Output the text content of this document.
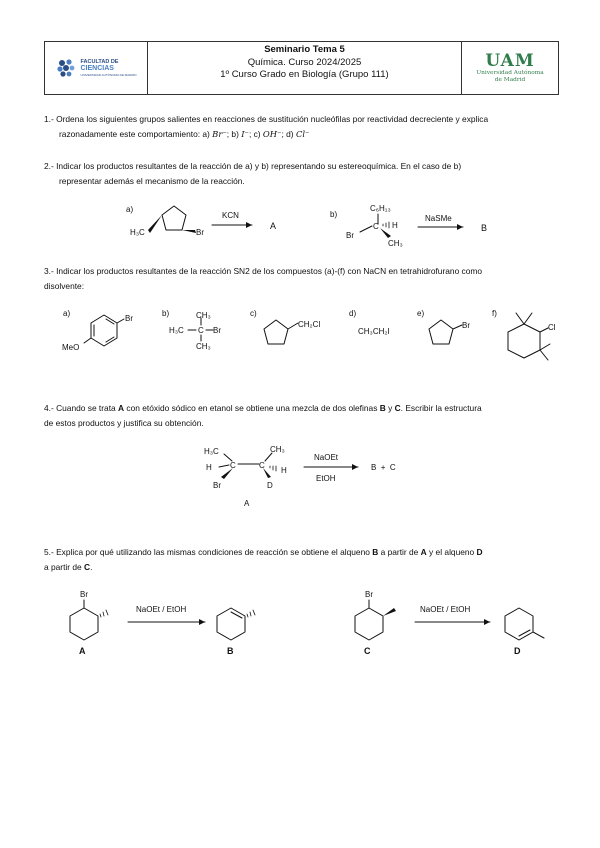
FACULTAD DE
CIENCIAS
UNIVERSIDAD AUTÓNOMA DE MADRID
Seminario Tema 5
Química. Curso 2024/2025
1º Curso Grado en Biología (Grupo 111)
UAM
Universidad Autónoma
de Madrid
1.- Ordena los siguientes grupos salientes en reacciones de sustitución nucleófilas por reactividad decreciente y explica
razonadamente este comportamiento: a) Br⁻; b) I⁻; c) OH⁻; d) Cl⁻
2.- Indicar los productos resultantes de la reacción de a) y b) representando su estereoquímica. En el caso de b)
representar además el mecanismo de la reacción.
3.- Indicar los productos resultantes de la reacción SN2 de los compuestos (a)-(f) con NaCN en tetrahidrofurano como
disolvente:
4.- Cuando se trata A con etóxido sódico en etanol se obtiene una mezcla de dos olefinas B y C. Escribir la estructura
de estos productos y justifica su obtención.
5.- Explica por qué utilizando las mismas condiciones de reacción se obtiene el alqueno B a partir de A y el alqueno D
a partir de C.
a)
H₃C	Br
KCN
A
b)
C₆H₁₃
Br
C H
CH₃
NaSMe
B
a)
Br
MeO
b)	CH₃
H₃C C Br
CH₃
c)
CH₂Cl
d)
CH₃CH₂I
e)
Br
f)
Cl
H₃C	CH₃
H C	C
H
Br	D
NaOEt
EtOH
B  +  C
A
Br
NaOEt / EtOH
A	B
Br
NaOEt / EtOH
C	D
